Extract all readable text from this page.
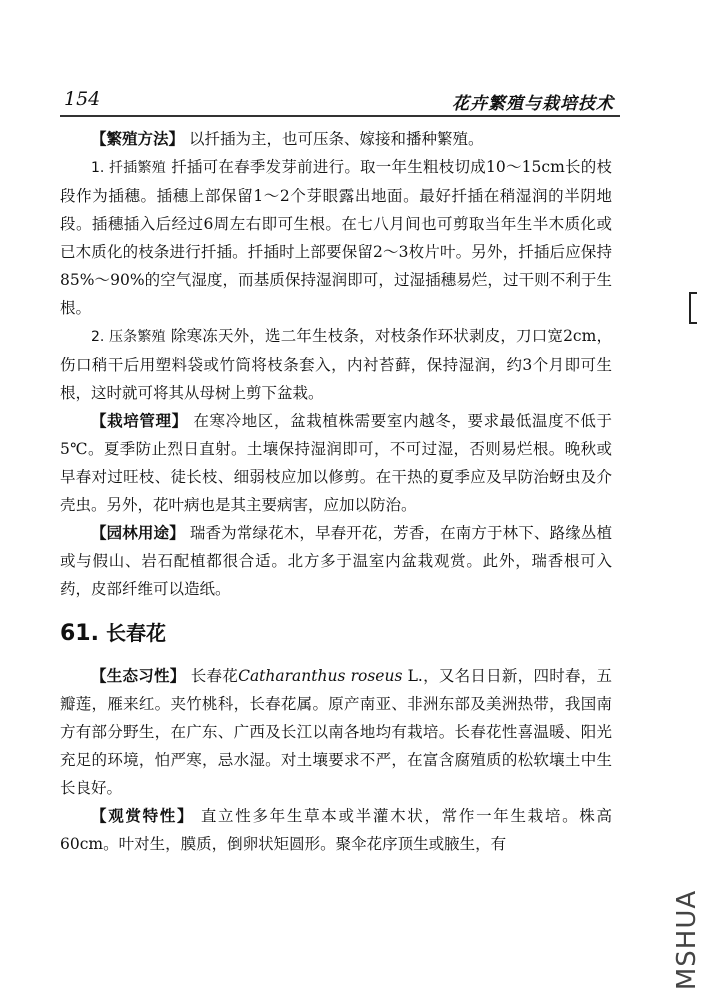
154	花卉繁殖与栽培技术

【繁殖方法】 以扦插为主，也可压条、嫁接和播种繁殖。

1. 扦插繁殖 扦插可在春季发芽前进行。取一年生粗枝切成10～15cm长的枝段作为插穗。插穗上部保留1～2个芽眼露出地面。最好扦插在稍湿润的半阴地段。插穗插入后经过6周左右即可生根。在七八月间也可剪取当年生半木质化或已木质化的枝条进行扦插。扦插时上部要保留2～3枚片叶。另外，扦插后应保持85%～90%的空气湿度，而基质保持湿润即可，过湿插穗易烂，过干则不利于生根。

2. 压条繁殖 除寒冻天外，选二年生枝条，对枝条作环状剥皮，刀口宽2cm，伤口稍干后用塑料袋或竹筒将枝条套入，内衬苔藓，保持湿润，约3个月即可生根，这时就可将其从母树上剪下盆栽。

【栽培管理】 在寒冷地区，盆栽植株需要室内越冬，要求最低温度不低于5℃。夏季防止烈日直射。土壤保持湿润即可，不可过湿，否则易烂根。晚秋或早春对过旺枝、徒长枝、细弱枝应加以修剪。在干热的夏季应及早防治蚜虫及介壳虫。另外，花叶病也是其主要病害，应加以防治。

【园林用途】 瑞香为常绿花木，早春开花，芳香，在南方于林下、路缘丛植或与假山、岩石配植都很合适。北方多于温室内盆栽观赏。此外，瑞香根可入药，皮部纤维可以造纸。

61. 长春花

【生态习性】 长春花Catharanthus roseus L.，又名日日新，四时春，五瓣莲，雁来红。夹竹桃科，长春花属。原产南亚、非洲东部及美洲热带，我国南方有部分野生，在广东、广西及长江以南各地均有栽培。长春花性喜温暖、阳光充足的环境，怕严寒，忌水湿。对土壤要求不严，在富含腐殖质的松软壤土中生长良好。

【观赏特性】 直立性多年生草本或半灌木状，常作一年生栽培。株高60cm。叶对生，膜质，倒卵状矩圆形。聚伞花序顶生或腋生，有

MSHUA
